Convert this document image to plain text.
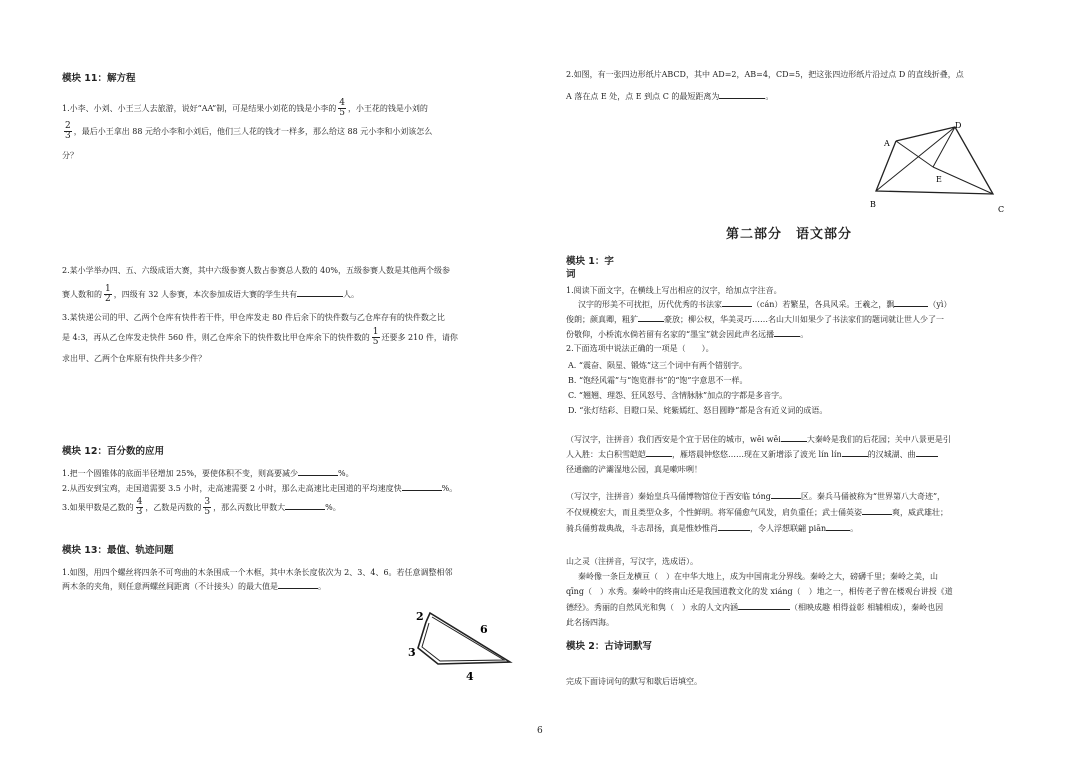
模块 11：解方程
1.小李、小刘、小王三人去旅游，说好“AA”制，可是结果小刘花的钱是小李的 $\frac{4}{5}$ ，小王花的钱是小刘的
$\frac{2}{3}$ ，最后小王拿出 88 元给小李和小刘后，他们三人花的钱才一样多，那么给这 88 元小李和小刘该怎么
分？
2.某小学举办四、五、六级成语大赛，其中六级参赛人数占参赛总人数的 40%，五级参赛人数是其他两个级参
赛人数和的 $\frac{1}{2}$ ，四级有 32 人参赛，本次参加成语大赛的学生共有	人。
3.某快递公司的甲、乙两个仓库有快件若干件，甲仓库发走 80 件后余下的快件数与乙仓库存有的快件数之比
是 4:3，再从乙仓库发走快件 560 件，则乙仓库余下的快件数比甲仓库余下的快件数的 $\frac{1}{5}$ 还要多 210 件，请你
求出甲、乙两个仓库原有快件共多少件？
模块 12：百分数的应用
1.把一个圆锥体的底面半径增加 25%，要使体积不变，则高要减少	%。
2.从西安到宝鸡，走国道需要 3.5 小时，走高速需要 2 小时，那么走高速比走国道的平均速度快	%。
3.如果甲数是乙数的 $\frac{4}{3}$ ，乙数是丙数的 $\frac{3}{5}$ ，那么丙数比甲数大	%。
模块 13：最值、轨迹问题
1.如图，用四个螺丝将四条不可弯曲的木条围成一个木框，其中木条长度依次为 2、3、4、6。若任意调整相邻
两木条的夹角，则任意两螺丝间距离（不计接头）的最大值是	。
2
6
3
4
2.如图，有一张四边形纸片ABCD，其中 AD=2，AB=4，CD=5，把这张四边形纸片沿过点 D 的直线折叠，点
A 落在点 E 处，点 E 到点 C 的最短距离为	。
第二部分　语文部分
模块 1：字
词
1.阅读下面文字，在横线上写出相应的汉字，给加点字注音。
汉字的形美不可扰拒，历代优秀的书法家	（cán）若繁星，各具风采。王羲之，飘	（yì）
俊朗；颜真卿，粗犷	豪放；柳公权，华美灵巧……名山大川如果少了书法家们的题词就让世人少了一
份敬仰，小桥流水倘若留有名家的“墨宝”就会因此声名远播	。
2.下面选项中说法正确的一项是（　　）。
A. “震奋、陨星、锻炼”这三个词中有两个错别字。
B. “饱经风霜”与“饱览群书”的“饱”字意思不一样。
C. “翘翘、理怨、狂风怒号、含情脉脉”加点的字都是多音字。
D. “张灯结彩、目瞪口呆、姹紫嫣红、怒目圆睁”都是含有近义词的成语。
（写汉字，注拼音）我们西安是个宜于居住的城市，wēi wēi	大秦岭是我们的后花园；关中八景更是引
人入胜：太白积雪皑皑	，雁塔晨钟悠悠……现在又新增添了波光 lín lín	的汉城湖、曲
径通幽的浐灞湿地公园，真是嗽咔咧！
（写汉字，注拼音）秦始皇兵马俑博物馆位于西安临 tóng	区。秦兵马俑被称为“世界第八大奇迹”，
不仅规模宏大，而且类型众多，个性鲜明。将军俑愈气风发，肩负重任；武士俑英姿	爽，威武雄壮；
骑兵俑剪裁典战，斗志昂扬，真是惟妙惟肖	，令人浮想联翩 piān	。
山之灵（注拼音，写汉字，选成语）。
秦岭像一条巨龙横亘（　）在中华大地上，成为中国南北分界线。秦岭之大，磅礴千里；秦岭之美，山
qīng（　）水秀。秦岭中的终南山还是我国道教文化的发 xiáng（　）地之一，相传老子曾在楼观台讲授《道
德经》。秀丽的自然风光和隽（　）永的人文内涵	（相映成趣 相得益彰 相辅相成），秦岭也因
此名扬四海。
模块 2：古诗词默写
完成下面诗词句的默写和歇后语填空。
D
A
E
B
C
6
